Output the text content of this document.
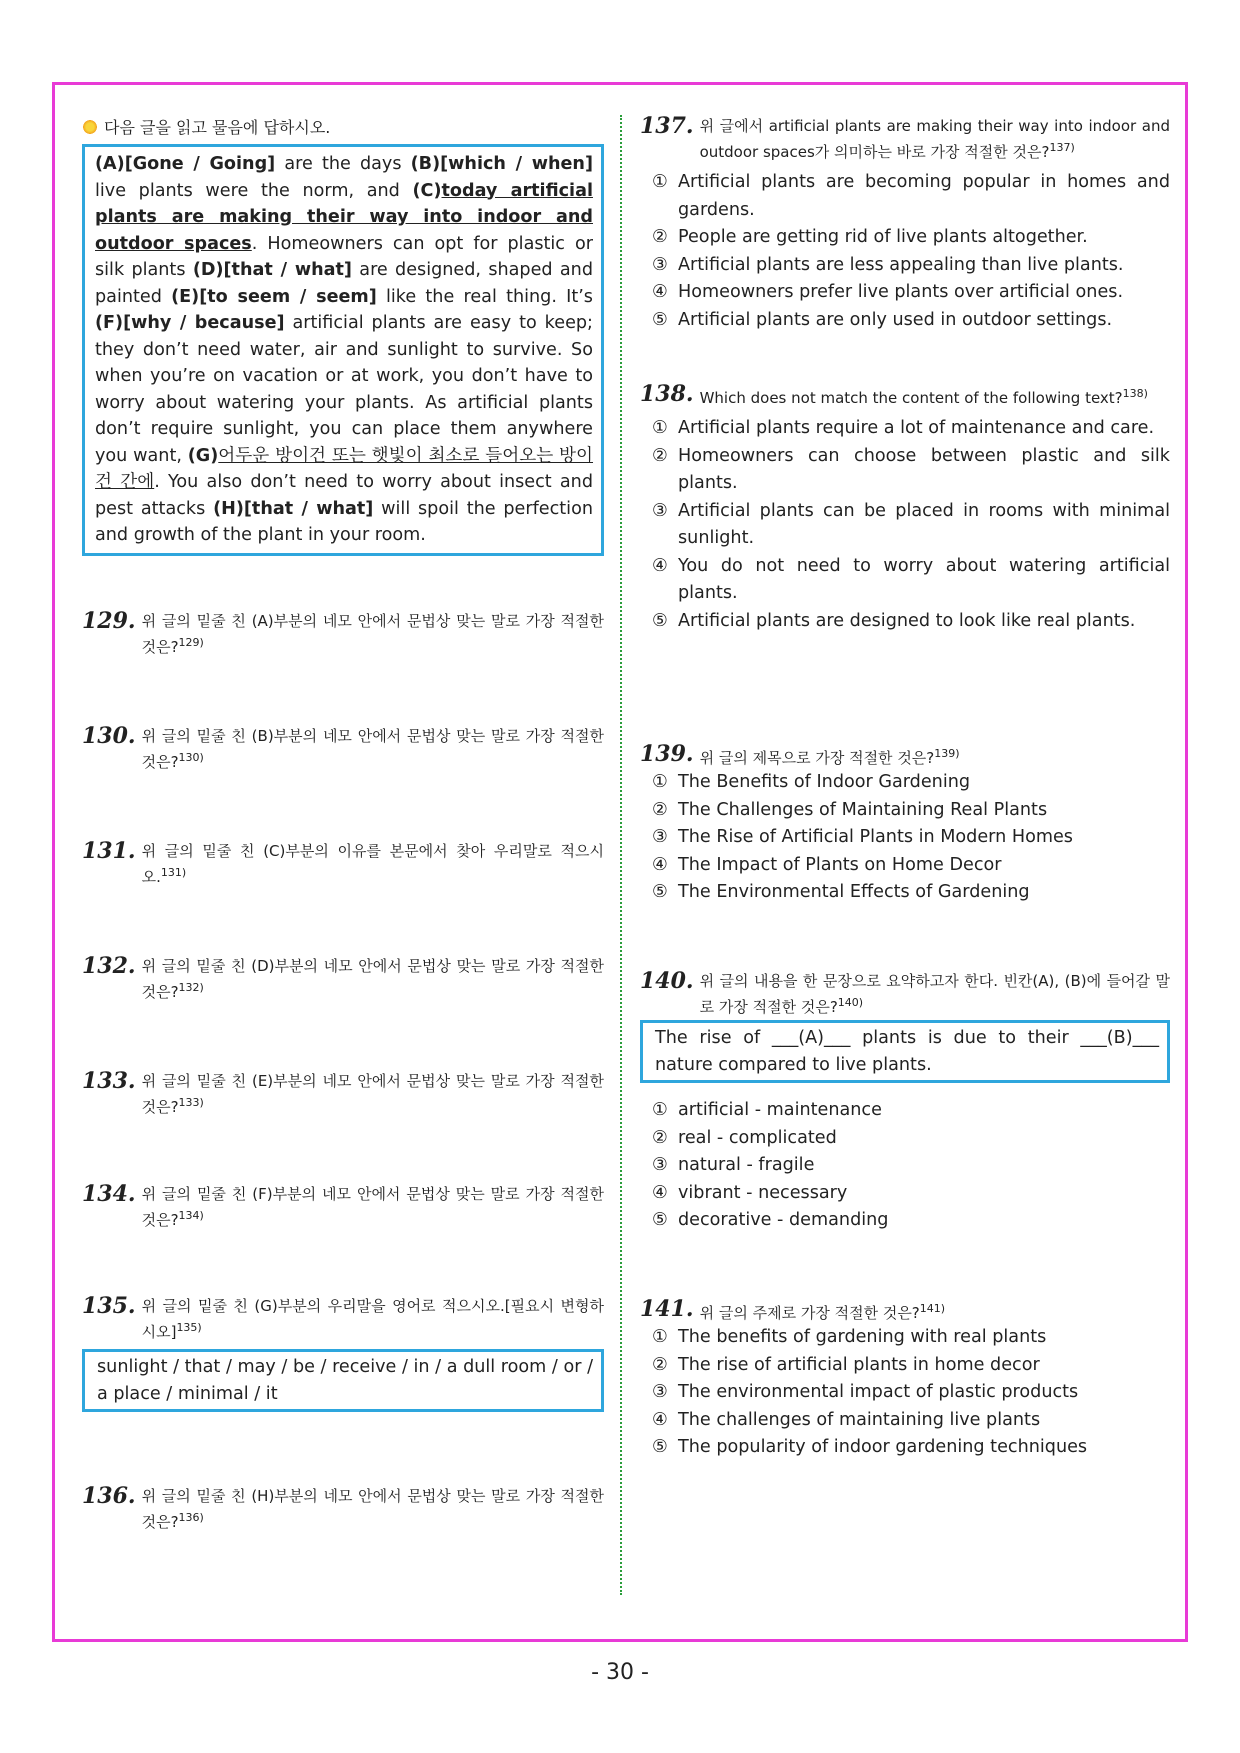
다음 글을 읽고 물음에 답하시오.
(A)[Gone / Going] are the days (B)[which / when] live plants were the norm, and (C)today artificial plants are making their way into indoor and outdoor spaces. Homeowners can opt for plastic or silk plants (D)[that / what] are designed, shaped and painted (E)[to seem / seem] like the real thing. It’s (F)[why / because] artificial plants are easy to keep; they don’t need water, air and sunlight to survive. So when you’re on vacation or at work, you don’t have to worry about watering your plants. As artificial plants don’t require sunlight, you can place them anywhere you want, (G)어두운 방이건 또는 햇빛이 최소로 들어오는 방이건 간에. You also don’t need to worry about insect and pest attacks (H)[that / what] will spoil the perfection and growth of the plant in your room.
129. 위 글의 밑줄 친 (A)부분의 네모 안에서 문법상 맞는 말로 가장 적절한 것은?$^{129)}$
130. 위 글의 밑줄 친 (B)부분의 네모 안에서 문법상 맞는 말로 가장 적절한 것은?$^{130)}$
131. 위 글의 밑줄 친 (C)부분의 이유를 본문에서 찾아 우리말로 적으시오.$^{131)}$
132. 위 글의 밑줄 친 (D)부분의 네모 안에서 문법상 맞는 말로 가장 적절한 것은?$^{132)}$
133. 위 글의 밑줄 친 (E)부분의 네모 안에서 문법상 맞는 말로 가장 적절한 것은?$^{133)}$
134. 위 글의 밑줄 친 (F)부분의 네모 안에서 문법상 맞는 말로 가장 적절한 것은?$^{134)}$
135. 위 글의 밑줄 친 (G)부분의 우리말을 영어로 적으시오.[필요시 변형하시오]$^{135)}$
sunlight / that / may / be / receive / in / a dull room / or / a place / minimal / it
136. 위 글의 밑줄 친 (H)부분의 네모 안에서 문법상 맞는 말로 가장 적절한 것은?$^{136)}$
137. 위 글에서 artificial plants are making their way into indoor and outdoor spaces가 의미하는 바로 가장 적절한 것은?$^{137)}$
① Artificial plants are becoming popular in homes and gardens.
② People are getting rid of live plants altogether.
③ Artificial plants are less appealing than live plants.
④ Homeowners prefer live plants over artificial ones.
⑤ Artificial plants are only used in outdoor settings.
138. Which does not match the content of the following text?$^{138)}$
① Artificial plants require a lot of maintenance and care.
② Homeowners can choose between plastic and silk plants.
③ Artificial plants can be placed in rooms with minimal sunlight.
④ You do not need to worry about watering artificial plants.
⑤ Artificial plants are designed to look like real plants.
139. 위 글의 제목으로 가장 적절한 것은?$^{139)}$
① The Benefits of Indoor Gardening
② The Challenges of Maintaining Real Plants
③ The Rise of Artificial Plants in Modern Homes
④ The Impact of Plants on Home Decor
⑤ The Environmental Effects of Gardening
140. 위 글의 내용을 한 문장으로 요약하고자 한다. 빈칸(A), (B)에 들어갈 말로 가장 적절한 것은?$^{140)}$
The rise of ___(A)___ plants is due to their ___(B)___ nature compared to live plants.
① artificial - maintenance
② real - complicated
③ natural - fragile
④ vibrant - necessary
⑤ decorative - demanding
141. 위 글의 주제로 가장 적절한 것은?$^{141)}$
① The benefits of gardening with real plants
② The rise of artificial plants in home decor
③ The environmental impact of plastic products
④ The challenges of maintaining live plants
⑤ The popularity of indoor gardening techniques
- 30 -
